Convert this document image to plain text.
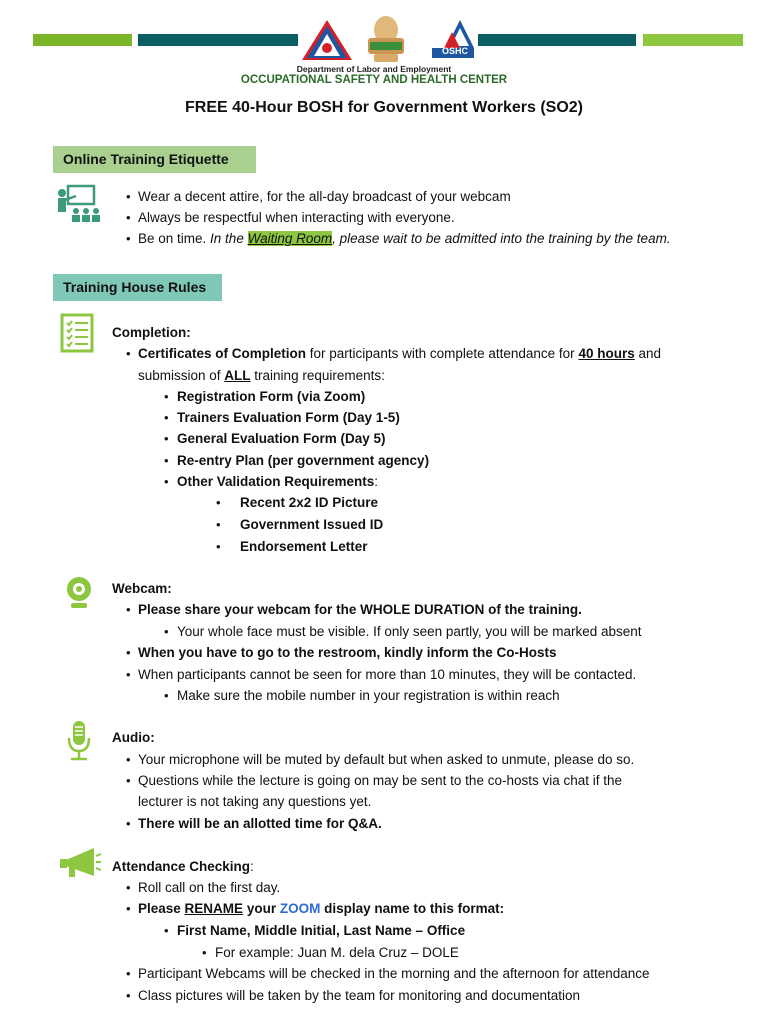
OSHC
Department of Labor and Employment
OCCUPATIONAL SAFETY AND HEALTH CENTER
FREE 40-Hour BOSH for Government Workers (SO2)
Online Training Etiquette
• Wear a decent attire, for the all-day broadcast of your webcam
• Always be respectful when interacting with everyone.
• Be on time. In the Waiting Room, please wait to be admitted into the training by the team.
Training House Rules
Completion:
• Certificates of Completion for participants with complete attendance for 40 hours and
submission of ALL training requirements:
• Registration Form (via Zoom)
• Trainers Evaluation Form (Day 1-5)
• General Evaluation Form (Day 5)
• Re-entry Plan (per government agency)
• Other Validation Requirements:
• Recent 2x2 ID Picture
• Government Issued ID
• Endorsement Letter
Webcam:
• Please share your webcam for the WHOLE DURATION of the training.
• Your whole face must be visible. If only seen partly, you will be marked absent
• When you have to go to the restroom, kindly inform the Co-Hosts
• When participants cannot be seen for more than 10 minutes, they will be contacted.
• Make sure the mobile number in your registration is within reach
Audio:
• Your microphone will be muted by default but when asked to unmute, please do so.
• Questions while the lecture is going on may be sent to the co-hosts via chat if the
lecturer is not taking any questions yet.
• There will be an allotted time for Q&A.
Attendance Checking:
• Roll call on the first day.
• Please RENAME your ZOOM display name to this format:
• First Name, Middle Initial, Last Name – Office
• For example: Juan M. dela Cruz – DOLE
• Participant Webcams will be checked in the morning and the afternoon for attendance
• Class pictures will be taken by the team for monitoring and documentation
